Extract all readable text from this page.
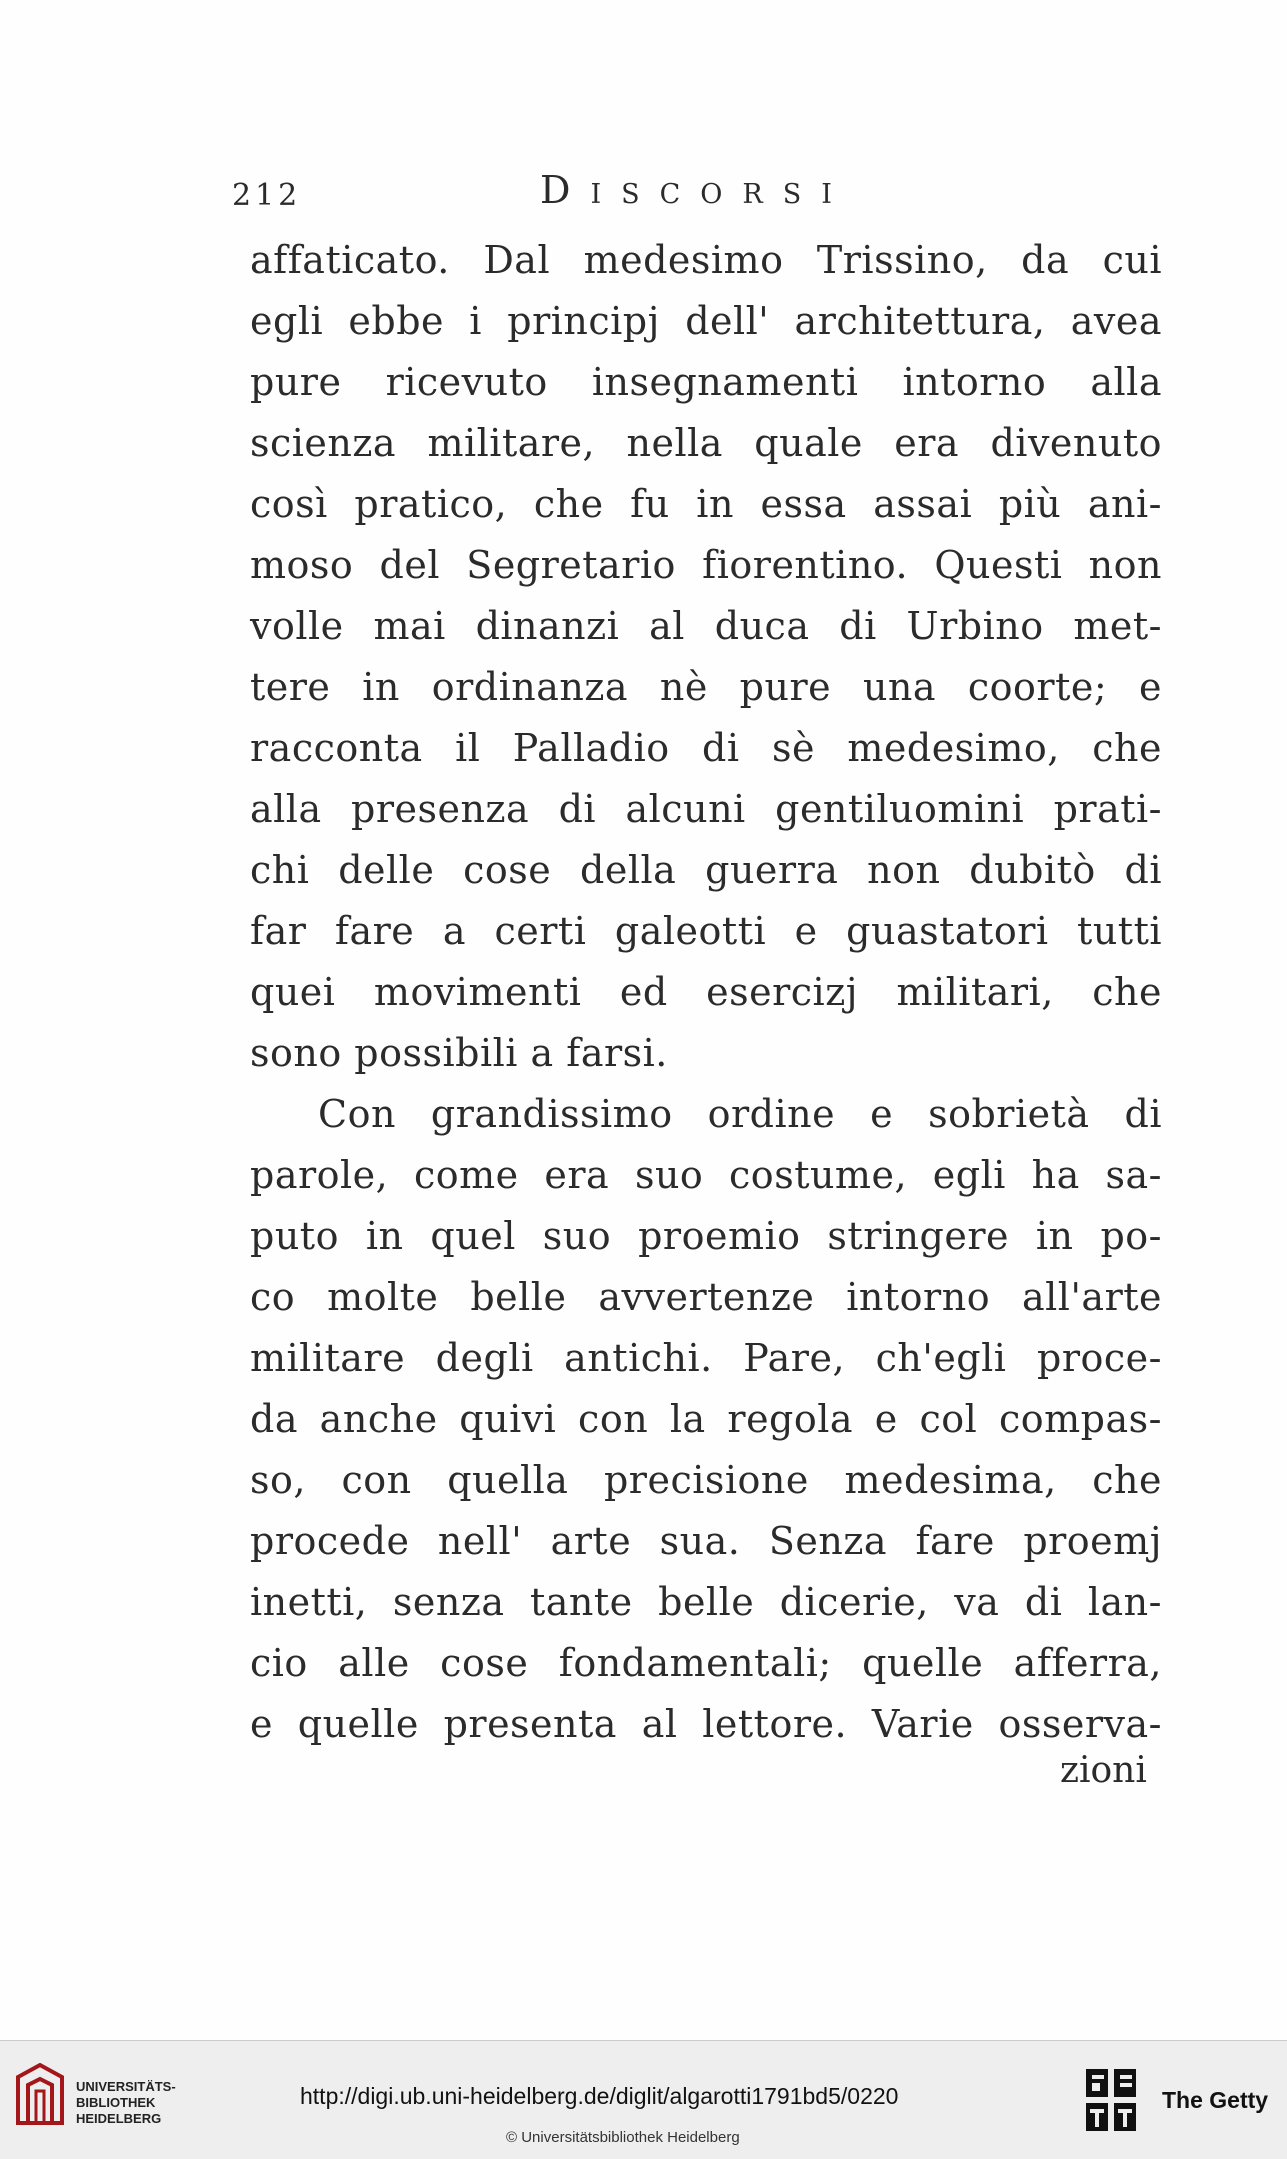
212	Discorsi
affaticato. Dal medesimo Trissino, da cui
egli ebbe i principj dell' architettura, avea
pure ricevuto insegnamenti intorno alla
scienza militare, nella quale era divenuto
così pratico, che fu in essa assai più ani-
moso del Segretario fiorentino. Questi non
volle mai dinanzi al duca di Urbino met-
tere in ordinanza nè pure una coorte; e
racconta il Palladio di sè medesimo, che
alla presenza di alcuni gentiluomini prati-
chi delle cose della guerra non dubitò di
far fare a certi galeotti e guastatori tutti
quei movimenti ed esercizj militari, che
sono possibili a farsi.
Con grandissimo ordine e sobrietà di
parole, come era suo costume, egli ha sa-
puto in quel suo proemio stringere in po-
co molte belle avvertenze intorno all'arte
militare degli antichi. Pare, ch'egli proce-
da anche quivi con la regola e col compas-
so, con quella precisione medesima, che
procede nell' arte sua. Senza fare proemj
inetti, senza tante belle dicerie, va di lan-
cio alle cose fondamentali; quelle afferra,
e quelle presenta al lettore. Varie osserva-
zioni
UNIVERSITÄTS-
BIBLIOTHEK
HEIDELBERG
http://digi.ub.uni-heidelberg.de/diglit/algarotti1791bd5/0220
© Universitätsbibliothek Heidelberg
The Getty
